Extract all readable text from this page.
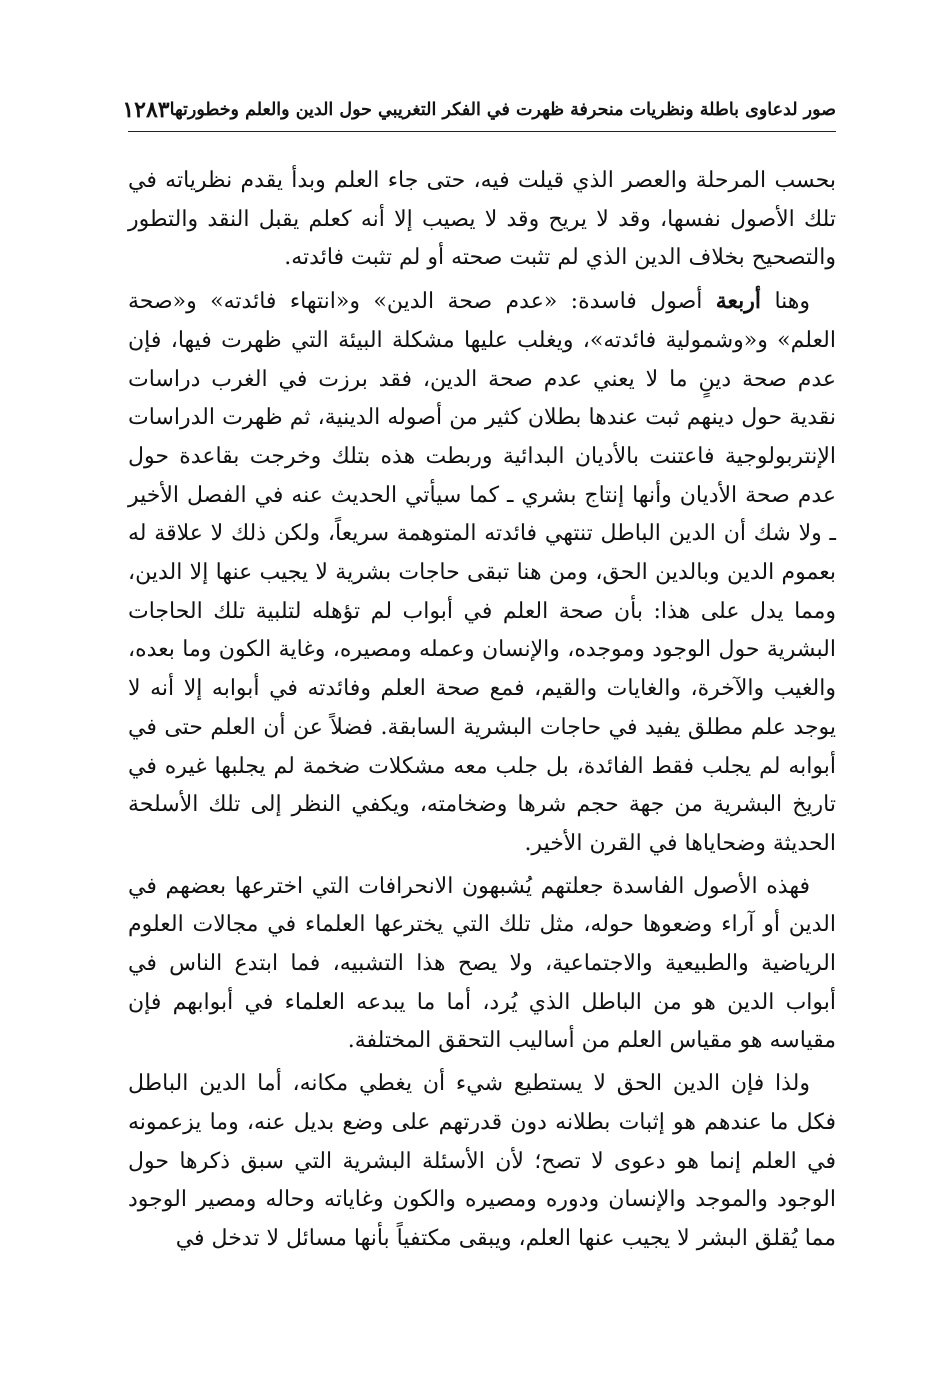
صور لدعاوى باطلة ونظريات منحرفة ظهرت في الفكر التغريبي حول الدين والعلم وخطورتها
١٢٨٣

بحسب المرحلة والعصر الذي قيلت فيه، حتى جاء العلم وبدأ يقدم نظرياته في تلك الأصول نفسها، وقد لا يريح وقد لا يصيب إلا أنه كعلم يقبل النقد والتطور والتصحيح بخلاف الدين الذي لم تثبت صحته أو لم تثبت فائدته.

وهنا أربعة أصول فاسدة: «عدم صحة الدين» و«انتهاء فائدته» و«صحة العلم» و«وشمولية فائدته»، ويغلب عليها مشكلة البيئة التي ظهرت فيها، فإن عدم صحة دينٍ ما لا يعني عدم صحة الدين، فقد برزت في الغرب دراسات نقدية حول دينهم ثبت عندها بطلان كثير من أصوله الدينية، ثم ظهرت الدراسات الإنتربولوجية فاعتنت بالأديان البدائية وربطت هذه بتلك وخرجت بقاعدة حول عدم صحة الأديان وأنها إنتاج بشري ـ كما سيأتي الحديث عنه في الفصل الأخير ـ ولا شك أن الدين الباطل تنتهي فائدته المتوهمة سريعاً، ولكن ذلك لا علاقة له بعموم الدين وبالدين الحق، ومن هنا تبقى حاجات بشرية لا يجيب عنها إلا الدين، ومما يدل على هذا: بأن صحة العلم في أبواب لم تؤهله لتلبية تلك الحاجات البشرية حول الوجود وموجده، والإنسان وعمله ومصيره، وغاية الكون وما بعده، والغيب والآخرة، والغايات والقيم، فمع صحة العلم وفائدته في أبوابه إلا أنه لا يوجد علم مطلق يفيد في حاجات البشرية السابقة. فضلاً عن أن العلم حتى في أبوابه لم يجلب فقط الفائدة، بل جلب معه مشكلات ضخمة لم يجلبها غيره في تاريخ البشرية من جهة حجم شرها وضخامته، ويكفي النظر إلى تلك الأسلحة الحديثة وضحاياها في القرن الأخير.

فهذه الأصول الفاسدة جعلتهم يُشبهون الانحرافات التي اخترعها بعضهم في الدين أو آراء وضعوها حوله، مثل تلك التي يخترعها العلماء في مجالات العلوم الرياضية والطبيعية والاجتماعية، ولا يصح هذا التشبيه، فما ابتدع الناس في أبواب الدين هو من الباطل الذي يُرد، أما ما يبدعه العلماء في أبوابهم فإن مقياسه هو مقياس العلم من أساليب التحقق المختلفة.

ولذا فإن الدين الحق لا يستطيع شيء أن يغطي مكانه، أما الدين الباطل فكل ما عندهم هو إثبات بطلانه دون قدرتهم على وضع بديل عنه، وما يزعمونه في العلم إنما هو دعوى لا تصح؛ لأن الأسئلة البشرية التي سبق ذكرها حول الوجود والموجد والإنسان ودوره ومصيره والكون وغاياته وحاله ومصير الوجود مما يُقلق البشر لا يجيب عنها العلم، ويبقى مكتفياً بأنها مسائل لا تدخل في
